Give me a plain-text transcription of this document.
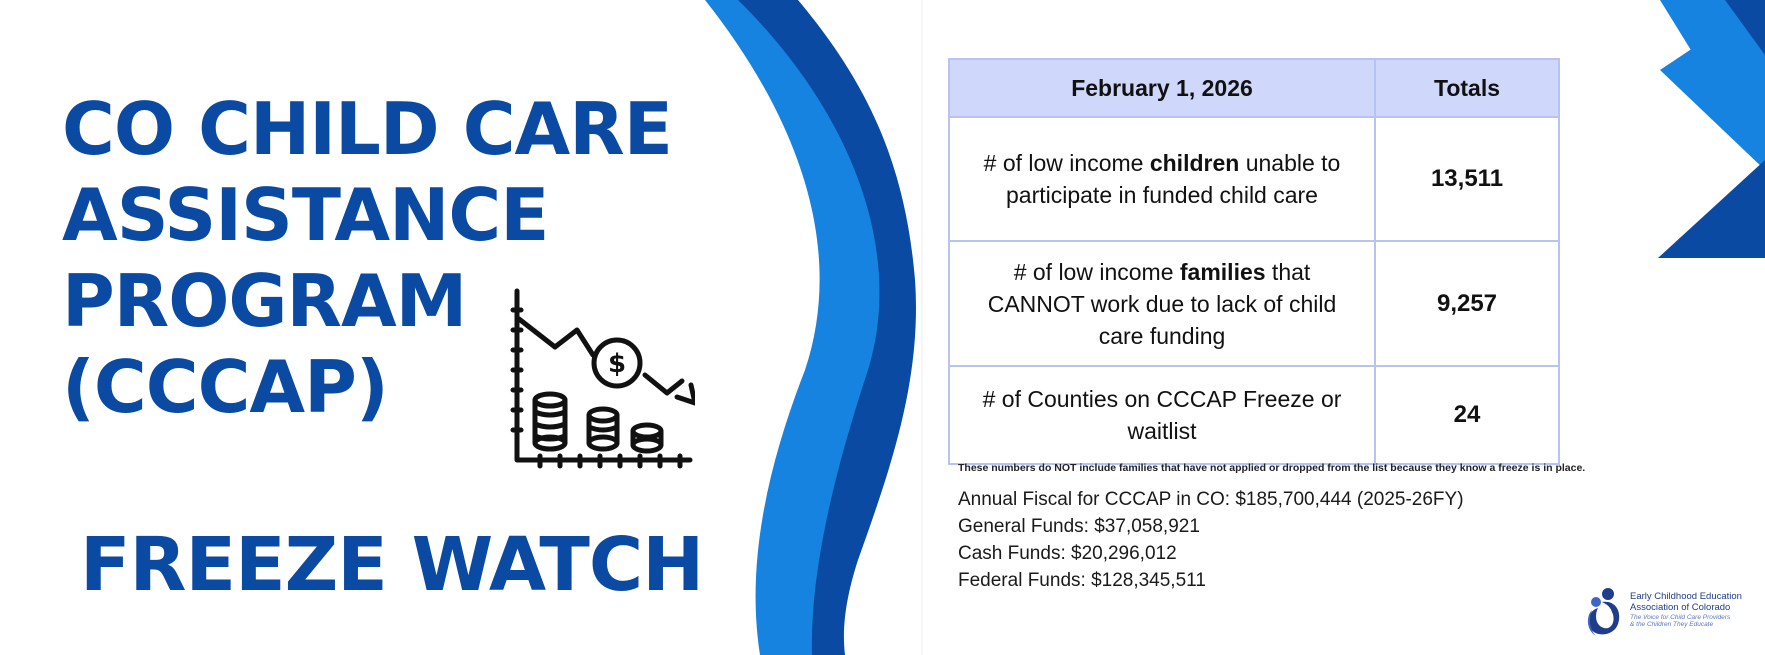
CO CHILD CARE
ASSISTANCE
PROGRAM
(CCCAP)	$
FREEZE WATCH
February 1, 2026	Totals
# of low income children unable to participate in funded child care	13,511
# of low income families that CANNOT work due to lack of child care funding	9,257
# of Counties on CCCAP Freeze or waitlist	24
These numbers do NOT include families that have not applied or dropped from the list because they know a freeze is in place.
Annual Fiscal for CCCAP in CO: $185,700,444 (2025-26FY)
General Funds: $37,058,921
Cash Funds: $20,296,012
Federal Funds: $128,345,511
Early Childhood Education
Association of Colorado
The Voice for Child Care Providers
& the Children They Educate
